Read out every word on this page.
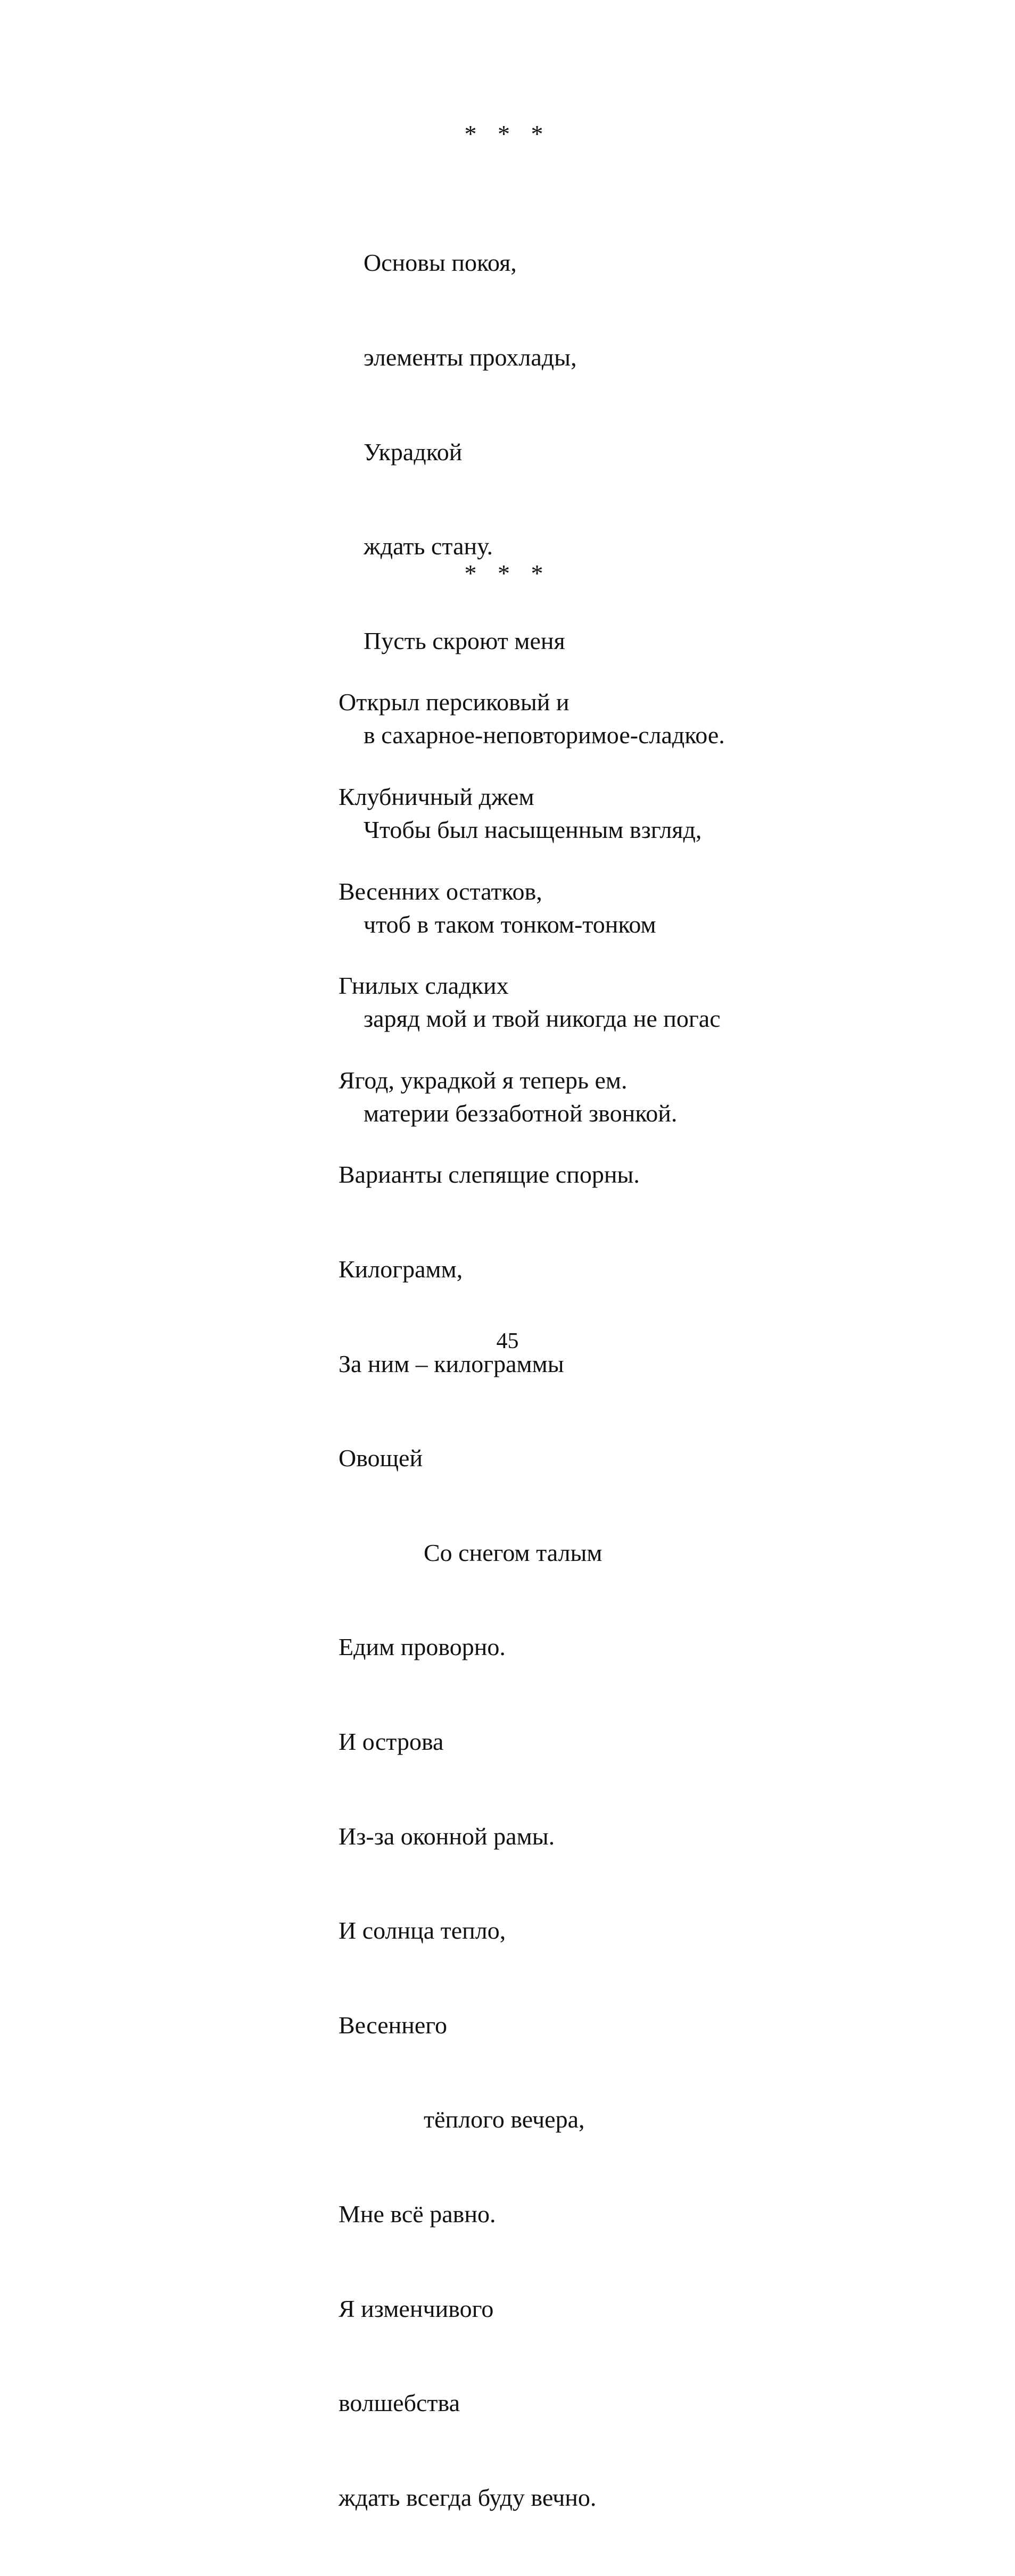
* * *

Основы покоя,

элементы прохлады,

Украдкой

ждать стану.

Пусть скроют меня

в сахарное-неповторимое-сладкое.

Чтобы был насыщенным взгляд,

чтоб в таком тонком-тонком

заряд мой и твой никогда не погас

материи беззаботной звонкой.

* * *

Открыл персиковый и

Клубничный джем

Весенних остатков,

Гнилых сладких

Ягод, украдкой я теперь ем.

Варианты слепящие спорны.

Килограмм,

За ним – килограммы

Овощей

Со снегом талым

Едим проворно.

И острова

Из-за оконной рамы.

И солнца тепло,

Весеннего

тёплого вечера,

Мне всё равно.

Я изменчивого

волшебства

ждать всегда буду вечно.

45
